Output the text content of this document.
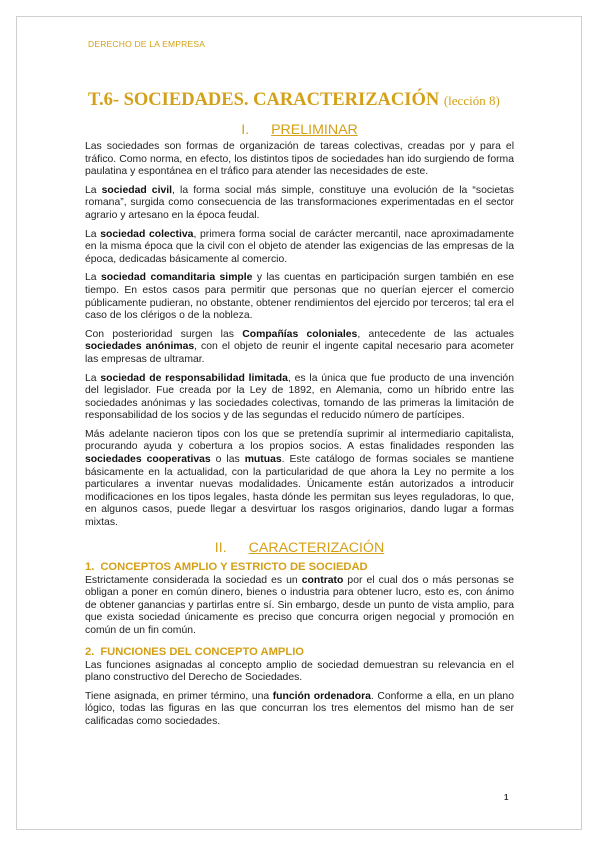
DERECHO DE LA EMPRESA
T.6- SOCIEDADES. CARACTERIZACIÓN (lección 8)
I. PRELIMINAR

Las sociedades son formas de organización de tareas colectivas, creadas por y para el tráfico. Como norma, en efecto, los distintos tipos de sociedades han ido surgiendo de forma paulatina y espontánea en el tráfico para atender las necesidades de este.

La sociedad civil, la forma social más simple, constituye una evolución de la “societas romana”, surgida como consecuencia de las transformaciones experimentadas en el sector agrario y artesano en la época feudal.

La sociedad colectiva, primera forma social de carácter mercantil, nace aproximadamente en la misma época que la civil con el objeto de atender las exigencias de las empresas de la época, dedicadas básicamente al comercio.

La sociedad comanditaria simple y las cuentas en participación surgen también en ese tiempo. En estos casos para permitir que personas que no querían ejercer el comercio públicamente pudieran, no obstante, obtener rendimientos del ejercido por terceros; tal era el caso de los clérigos o de la nobleza.

Con posterioridad surgen las Compañías coloniales, antecedente de las actuales sociedades anónimas, con el objeto de reunir el ingente capital necesario para acometer las empresas de ultramar.

La sociedad de responsabilidad limitada, es la única que fue producto de una invención del legislador. Fue creada por la Ley de 1892, en Alemania, como un híbrido entre las sociedades anónimas y las sociedades colectivas, tomando de las primeras la limitación de responsabilidad de los socios y de las segundas el reducido número de partícipes.

Más adelante nacieron tipos con los que se pretendía suprimir al intermediario capitalista, procurando ayuda y cobertura a los propios socios. A estas finalidades responden las sociedades cooperativas o las mutuas. Este catálogo de formas sociales se mantiene básicamente en la actualidad, con la particularidad de que ahora la Ley no permite a los particulares a inventar nuevas modalidades. Únicamente están autorizados a introducir modificaciones en los tipos legales, hasta dónde les permitan sus leyes reguladoras, lo que, en algunos casos, puede llegar a desvirtuar los rasgos originarios, dando lugar a formas mixtas.

II. CARACTERIZACIÓN
1. CONCEPTOS AMPLIO Y ESTRICTO DE SOCIEDAD

Estrictamente considerada la sociedad es un contrato por el cual dos o más personas se obligan a poner en común dinero, bienes o industria para obtener lucro, esto es, con ánimo de obtener ganancias y partirlas entre sí. Sin embargo, desde un punto de vista amplio, para que exista sociedad únicamente es preciso que concurra origen negocial y promoción en común de un fin común.

2. FUNCIONES DEL CONCEPTO AMPLIO

Las funciones asignadas al concepto amplio de sociedad demuestran su relevancia en el plano constructivo del Derecho de Sociedades.

Tiene asignada, en primer término, una función ordenadora. Conforme a ella, en un plano lógico, todas las figuras en las que concurran los tres elementos del mismo han de ser calificadas como sociedades.

1
